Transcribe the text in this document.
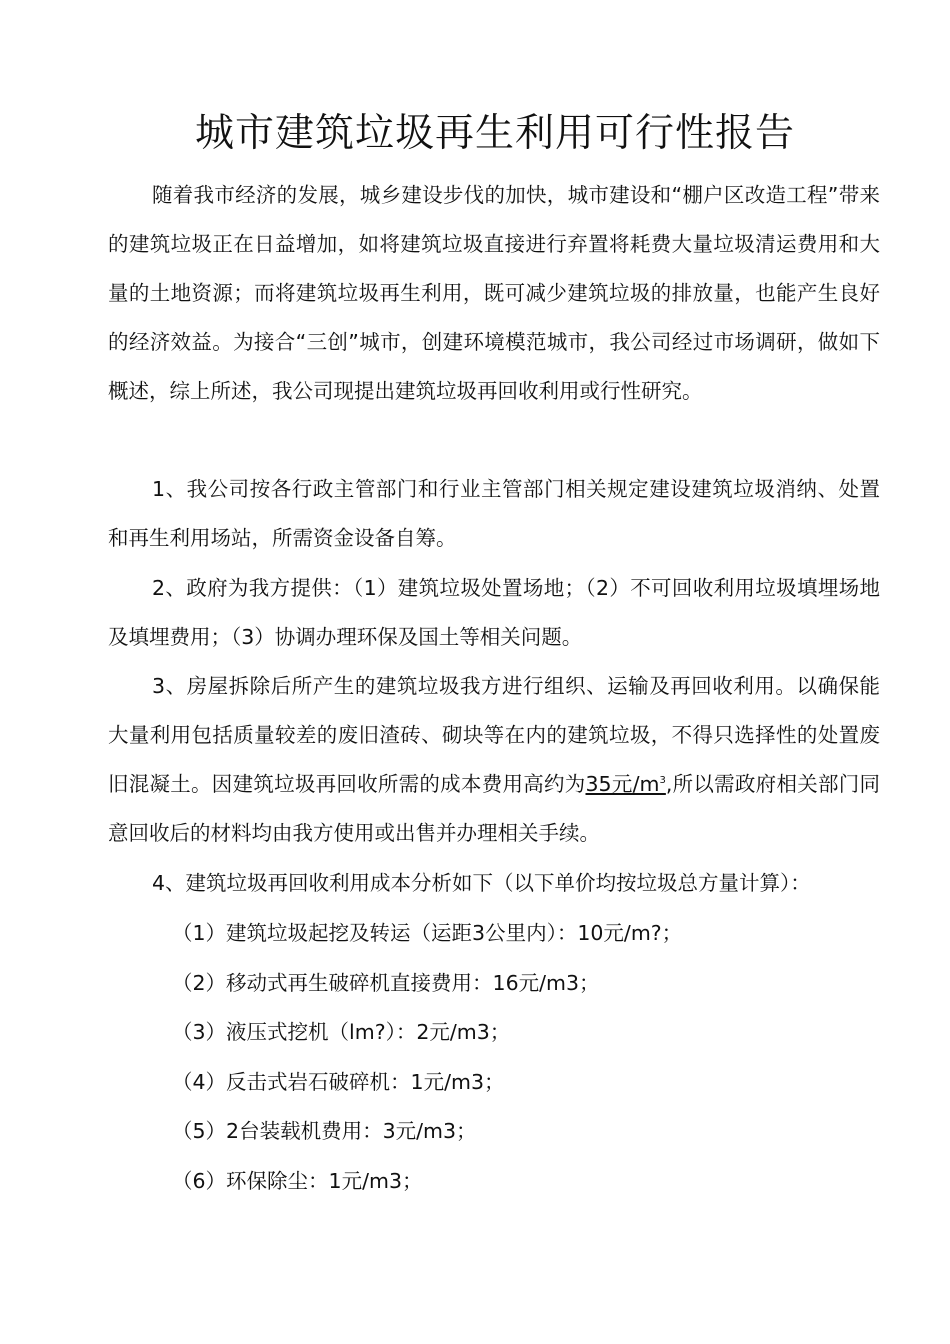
城市建筑垃圾再生利用可行性报告

随着我市经济的发展，城乡建设步伐的加快，城市建设和“棚户区改造工程”带来的建筑垃圾正在日益增加，如将建筑垃圾直接进行弃置将耗费大量垃圾清运费用和大量的土地资源；而将建筑垃圾再生利用，既可减少建筑垃圾的排放量，也能产生良好的经济效益。为接合“三创”城市，创建环境模范城市，我公司经过市场调研，做如下概述，综上所述，我公司现提出建筑垃圾再回收利用或行性研究。

1、我公司按各行政主管部门和行业主管部门相关规定建设建筑垃圾消纳、处置和再生利用场站，所需资金设备自筹。

2、政府为我方提供：（1）建筑垃圾处置场地；（2）不可回收利用垃圾填埋场地及填埋费用；（3）协调办理环保及国土等相关问题。

3、房屋拆除后所产生的建筑垃圾我方进行组织、运输及再回收利用。以确保能大量利用包括质量较差的废旧渣砖、砌块等在内的建筑垃圾，不得只选择性的处置废旧混凝土。因建筑垃圾再回收所需的成本费用高约为35元$/m^3$,所以需政府相关部门同意回收后的材料均由我方使用或出售并办理相关手续。

4、建筑垃圾再回收利用成本分析如下（以下单价均按垃圾总方量计算）：

（1）建筑垃圾起挖及转运（运距3公里内）：10元/m?；

（2）移动式再生破碎机直接费用：16元/m3；

（3）液压式挖机（lm?）：2元/m3；

（4）反击式岩石破碎机：1元/m3；

（5）2台装载机费用：3元/m3；

（6）环保除尘：1元/m3；
